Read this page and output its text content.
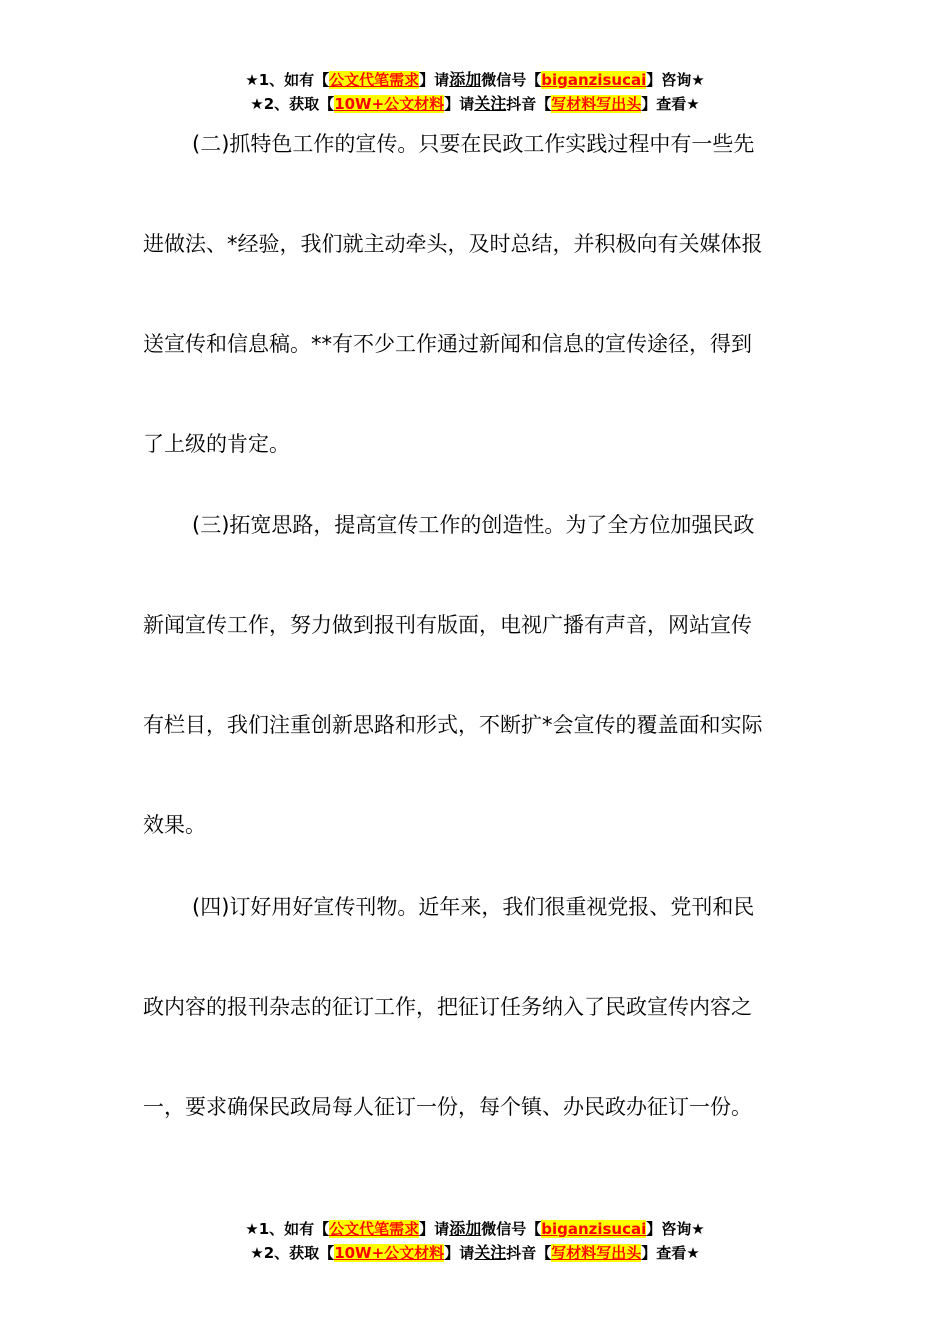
★1、如有【公文代笔需求】请添加微信号【biganzisucai】咨询★
★2、获取【10W+公文材料】请关注抖音【写材料写出头】查看★
(二)抓特色工作的宣传。只要在民政工作实践过程中有一些先
进做法、*经验，我们就主动牵头，及时总结，并积极向有关媒体报
送宣传和信息稿。**有不少工作通过新闻和信息的宣传途径，得到
了上级的肯定。
(三)拓宽思路，提高宣传工作的创造性。为了全方位加强民政
新闻宣传工作，努力做到报刊有版面，电视广播有声音，网站宣传
有栏目，我们注重创新思路和形式，不断扩*会宣传的覆盖面和实际
效果。
(四)订好用好宣传刊物。近年来，我们很重视党报、党刊和民
政内容的报刊杂志的征订工作，把征订任务纳入了民政宣传内容之
一，要求确保民政局每人征订一份，每个镇、办民政办征订一份。
★1、如有【公文代笔需求】请添加微信号【biganzisucai】咨询★
★2、获取【10W+公文材料】请关注抖音【写材料写出头】查看★
